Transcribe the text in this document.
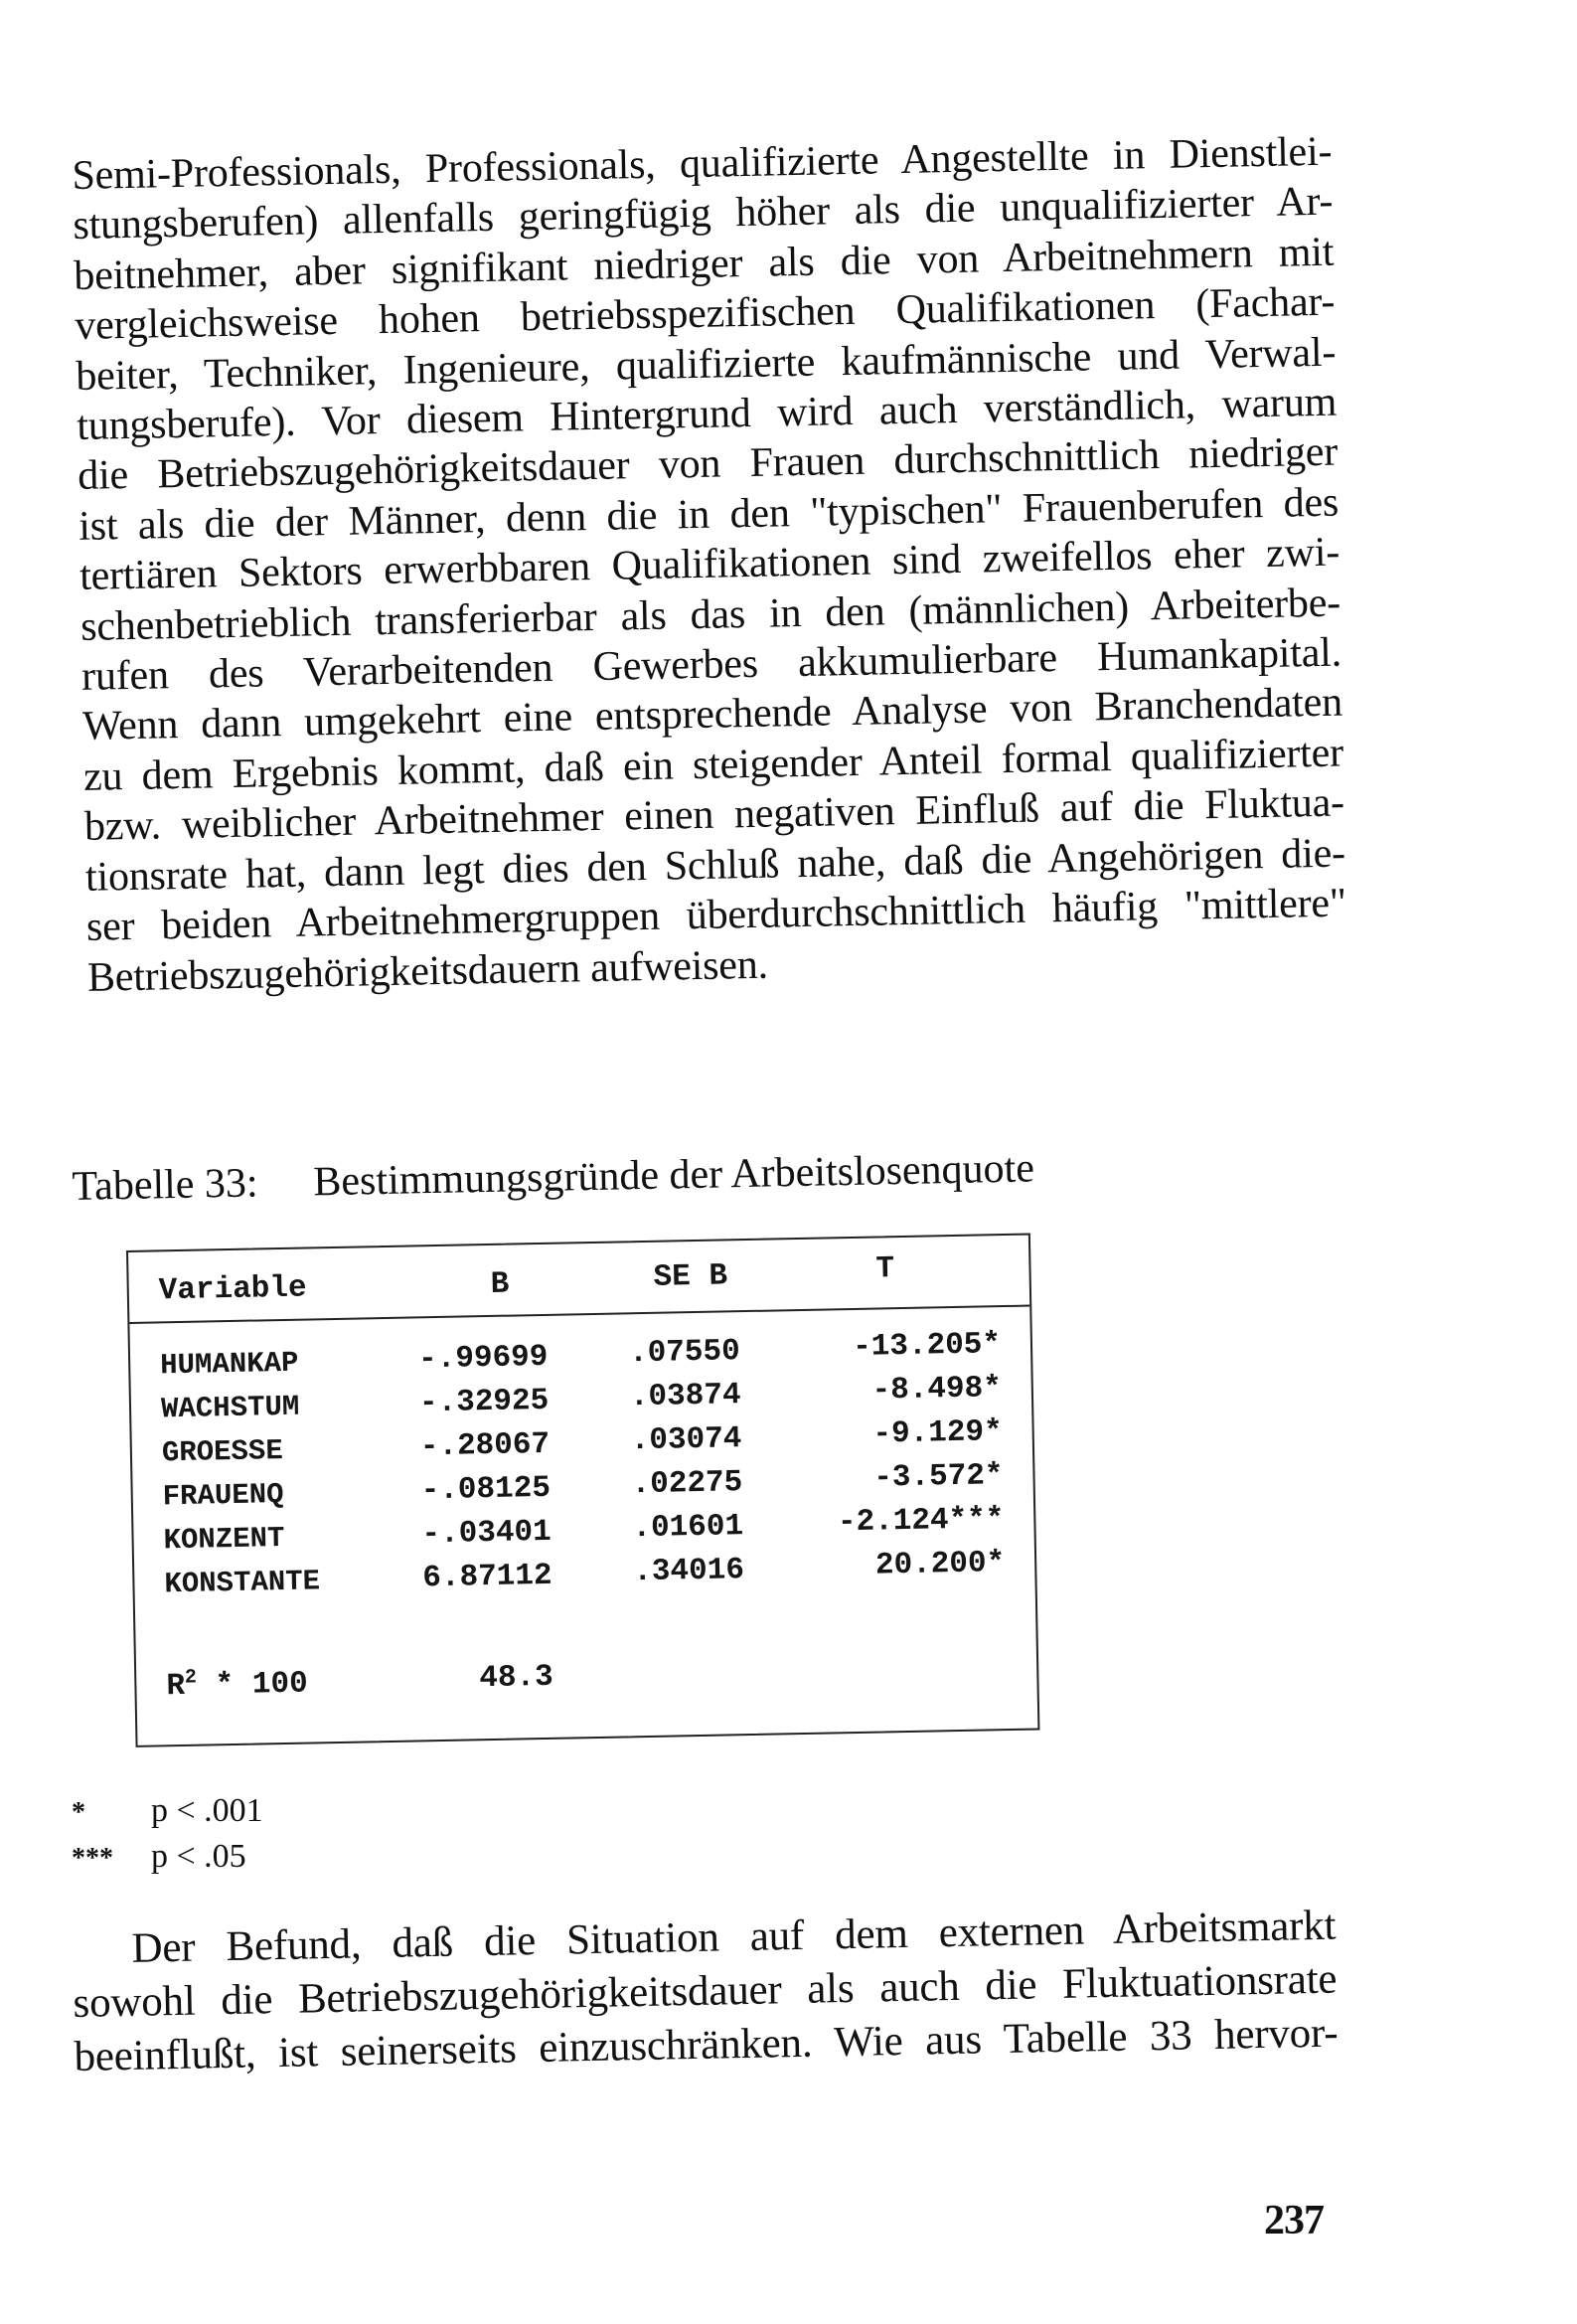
Semi-Professionals, Professionals, qualifizierte Angestellte in Dienstlei-
stungsberufen) allenfalls geringfügig höher als die unqualifizierter Ar-
beitnehmer, aber signifikant niedriger als die von Arbeitnehmern mit
vergleichsweise hohen betriebsspezifischen Qualifikationen (Fachar-
beiter, Techniker, Ingenieure, qualifizierte kaufmännische und Verwal-
tungsberufe). Vor diesem Hintergrund wird auch verständlich, warum
die Betriebszugehörigkeitsdauer von Frauen durchschnittlich niedriger
ist als die der Männer, denn die in den "typischen" Frauenberufen des
tertiären Sektors erwerbbaren Qualifikationen sind zweifellos eher zwi-
schenbetrieblich transferierbar als das in den (männlichen) Arbeiterbe-
rufen des Verarbeitenden Gewerbes akkumulierbare Humankapital.
Wenn dann umgekehrt eine entsprechende Analyse von Branchendaten
zu dem Ergebnis kommt, daß ein steigender Anteil formal qualifizierter
bzw. weiblicher Arbeitnehmer einen negativen Einfluß auf die Fluktua-
tionsrate hat, dann legt dies den Schluß nahe, daß die Angehörigen die-
ser beiden Arbeitnehmergruppen überdurchschnittlich häufig "mittlere"
Betriebszugehörigkeitsdauern aufweisen.
Tabelle 33: Bestimmungsgründe der Arbeitslosenquote
Variable	B	SE B	T
HUMANKAP	-.99699	.07550	-13.205*
WACHSTUM	-.32925	.03874	-8.498*
GROESSE	-.28067	.03074	-9.129*
FRAUENQ	-.08125	.02275	-3.572*
KONZENT	-.03401	.01601	-2.124***
KONSTANTE	6.87112	.34016	20.200*
$R^2 * 100$	48.3
* p < .001
*** p < .05
Der Befund, daß die Situation auf dem externen Arbeitsmarkt
sowohl die Betriebszugehörigkeitsdauer als auch die Fluktuationsrate
beeinflußt, ist seinerseits einzuschränken. Wie aus Tabelle 33 hervor-
237
